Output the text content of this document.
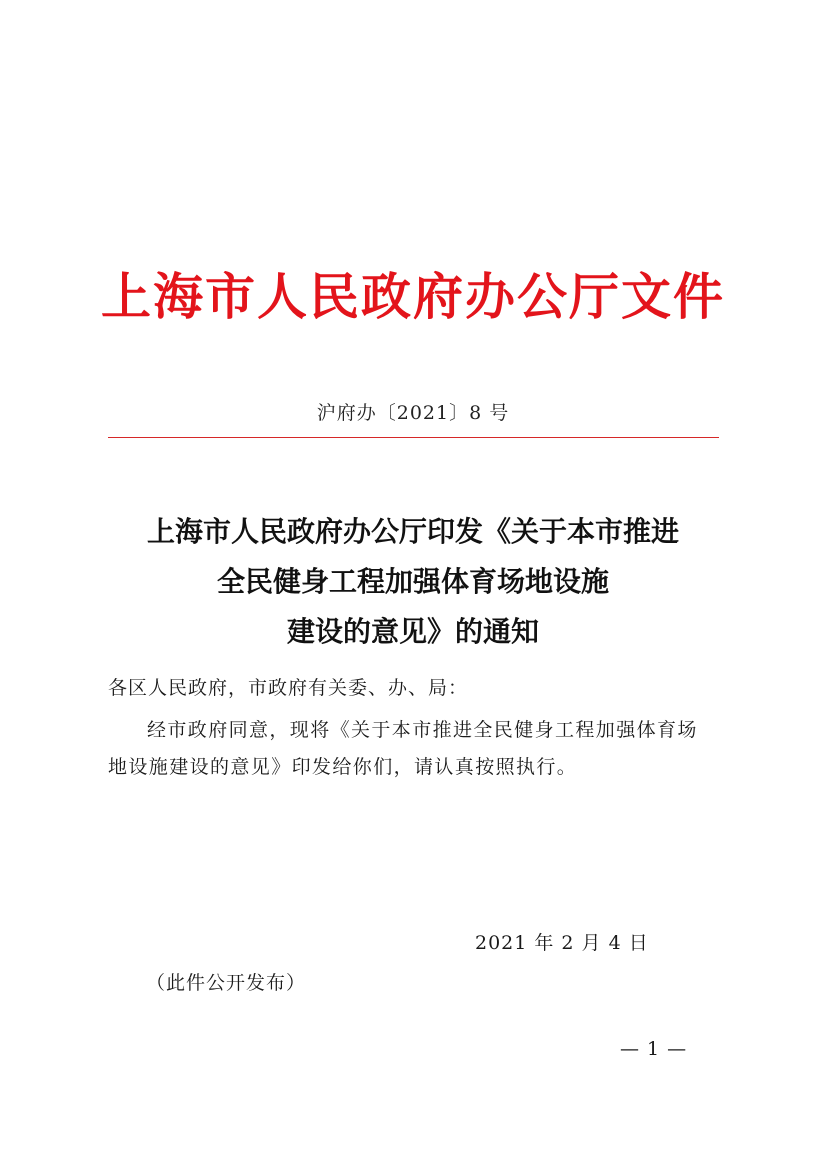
上海市人民政府办公厅文件
沪府办〔2021〕8 号
上海市人民政府办公厅印发《关于本市推进
全民健身工程加强体育场地设施
建设的意见》的通知
各区人民政府，市政府有关委、办、局：
经市政府同意，现将《关于本市推进全民健身工程加强体育场
地设施建设的意见》印发给你们，请认真按照执行。
2021 年 2 月 4 日
（此件公开发布）
— 1 —
